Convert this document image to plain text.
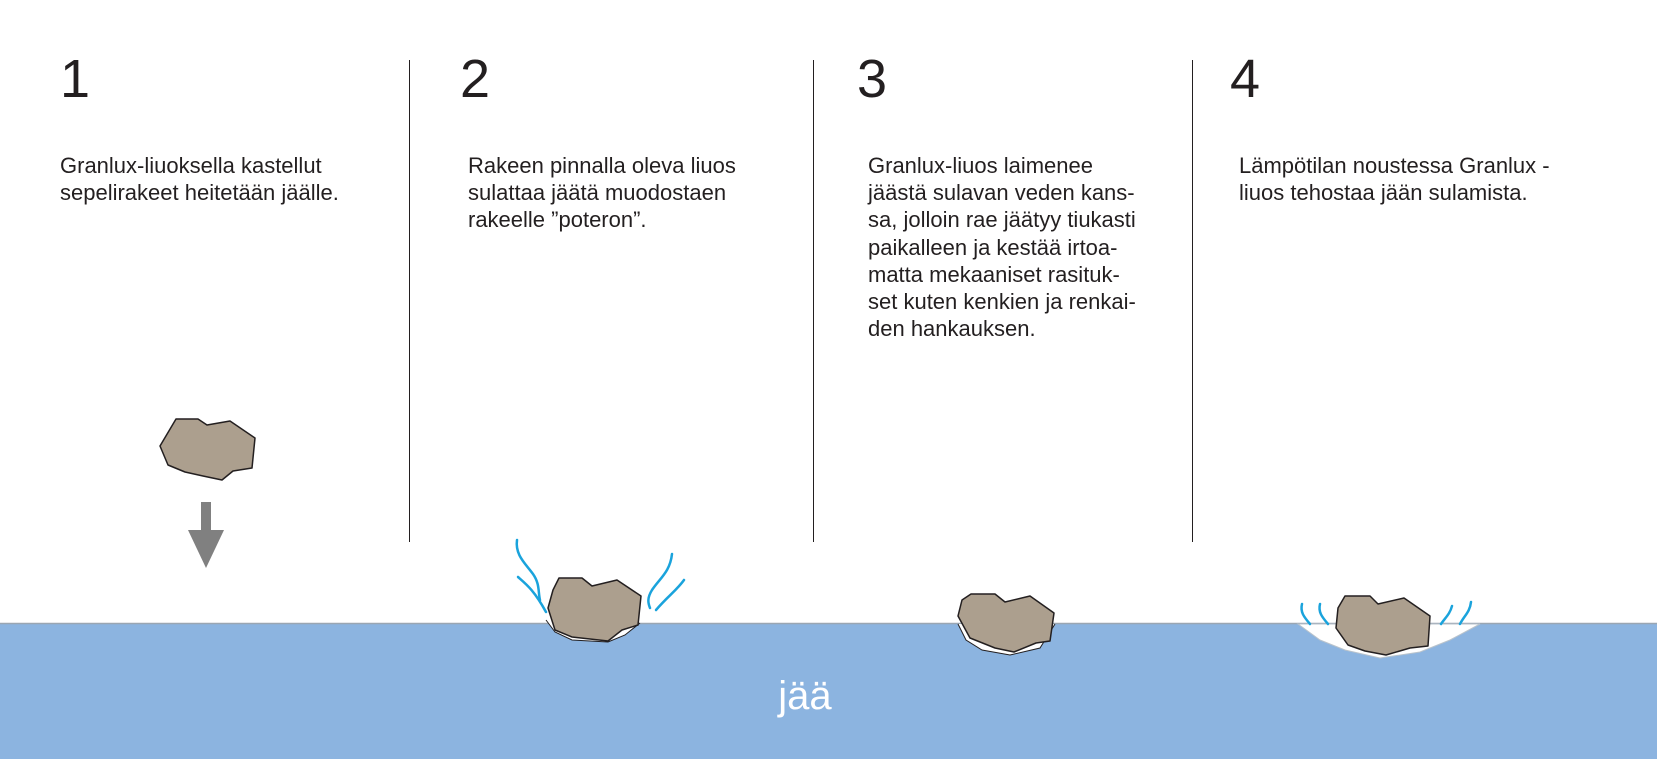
1	2	3	4
Granlux-liuoksella kastellut
sepelirakeet heitetään jäälle.
Rakeen pinnalla oleva liuos
sulattaa jäätä muodostaen
rakeelle ”poteron”.
Granlux-liuos laimenee
jäästä sulavan veden kans-
sa, jolloin rae jäätyy tiukasti
paikalleen ja kestää irtoa-
matta mekaaniset rasituk-
set kuten kenkien ja renkai-
den hankauksen.
Lämpötilan noustessa Granlux -
liuos tehostaa jään sulamista.
jää
